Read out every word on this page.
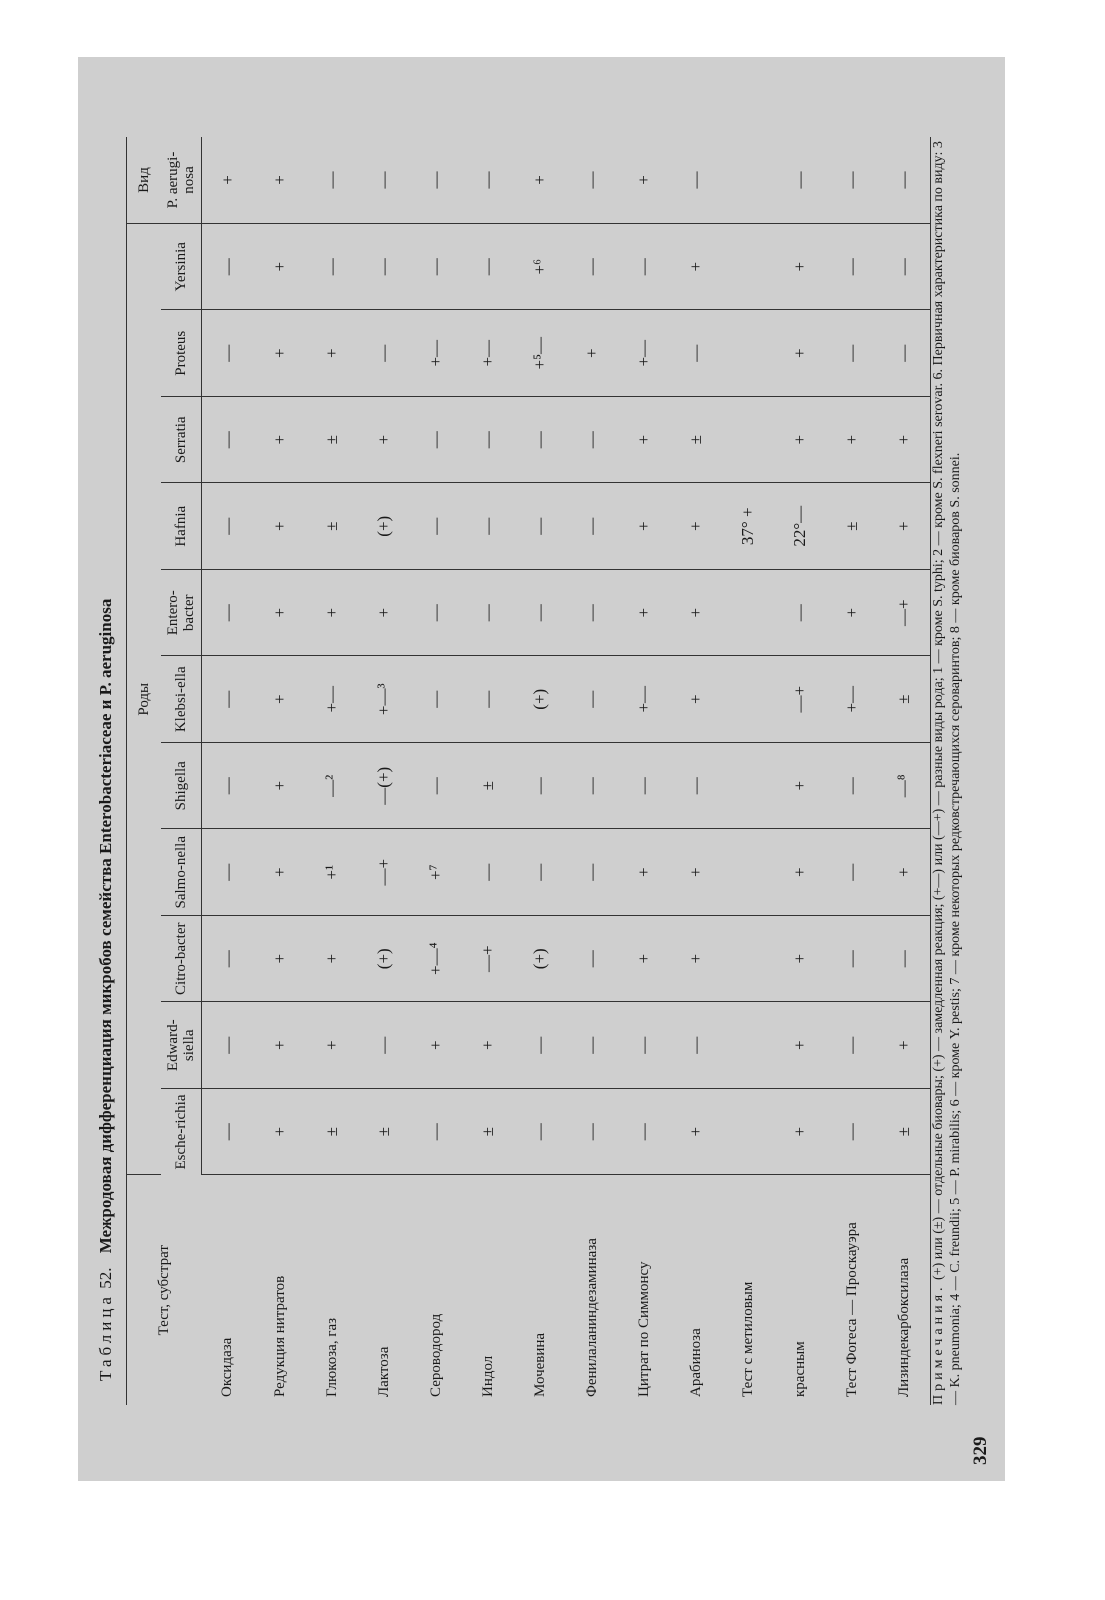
Таблица 52. Межродовая дифференциация микробов семейства Enterobacteriaceae и P. aeruginosa
Тест, субстрат	Роды											Вид
	Esche-richia	Edward-siella	Citro-bacter	Salmo-nella	Shigella	Klebsi-ella	Entero-bacter	Hafnia	Serratia	Proteus	Yersinia	P. aerugi-nosa
Оксидаза	—	—	—	—	—	—	—	—	—	—	—	+
Редукция нитратов	+	+	+	+	+	+	+	+	+	+	+	+
Глюкоза, газ	±	+	+	+¹	—²	+—	+	±	±	+	—	—
Лактоза	±	—	(+)	—+	—(+)	+—³	+	(+)	+	—	—	—
Сероводород	—	+	+—⁴	+⁷	—	—	—	—	—	+—	—	—
Индол	±	+	—+	—	±	—	—	—	—	+—	—	—
Мочевина	—	—	(+)	—	—	(+)	—	—	—	+⁵—	+⁶	+
Фенилаланиндезаминаза	—	—	—	—	—	—	—	—	—	+	—	—
Цитрат по Симмонсу	—	—	+	+	—	+—	+	+	+	+—	—	+
Арабиноза	+	—	+	+	—	+	+	+	±	—	+	—
Тест с метиловым								37° +				
красным	+	+	+	+	+	—+	—	22°—	+	+	+	—
Тест Фогеса — Проскауэра	—	—	—	—	—	+—	+	±	+	—	—	—
Лизиндекарбоксилаза	±	+	—	+	—⁸	±	—+	+	+	—	—	—
Примечания. (+) или (±) — отдельные биовары; (+) — замедленная реакция; (+—) или (—+) — разные виды рода; 1 — кроме S. typhi; 2 — кроме S. flexneri serovar. 6. Первичная характеристика по виду: 3 — K. pneumonia; 4 — C. freundii; 5 — P. mirabilis; 6 — кроме Y. pestis; 7 — кроме некоторых редковстречающихся сероваринтов; 8 — кроме биоваров S. sonnei.
329
